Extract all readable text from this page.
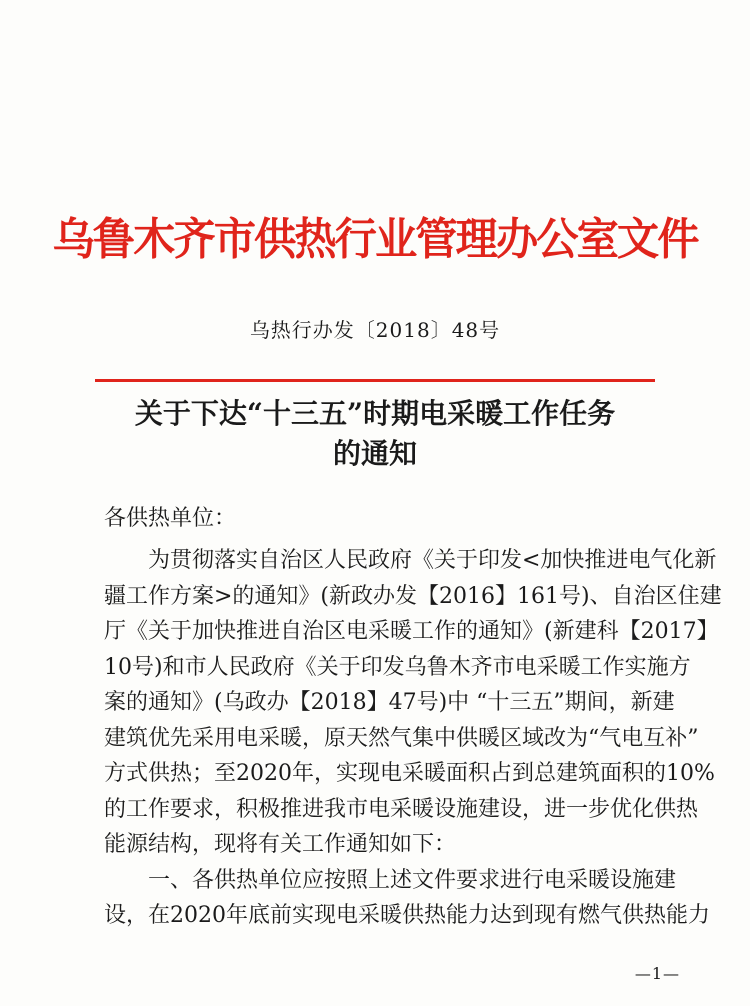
乌鲁木齐市供热行业管理办公室文件
乌热行办发〔2018〕48号
关于下达“十三五”时期电采暖工作任务
的通知
各供热单位：
为贯彻落实自治区人民政府《关于印发<加快推进电气化新
疆工作方案>的通知》(新政办发【2016】161号)、自治区住建
厅《关于加快推进自治区电采暖工作的通知》(新建科【2017】
10号)和市人民政府《关于印发乌鲁木齐市电采暖工作实施方
案的通知》(乌政办【2018】47号)中 “十三五”期间，新建
建筑优先采用电采暖，原天然气集中供暖区域改为“气电互补”
方式供热；至2020年，实现电采暖面积占到总建筑面积的10%
的工作要求，积极推进我市电采暖设施建设，进一步优化供热
能源结构，现将有关工作通知如下：
一、各供热单位应按照上述文件要求进行电采暖设施建
设，在2020年底前实现电采暖供热能力达到现有燃气供热能力
—1—
